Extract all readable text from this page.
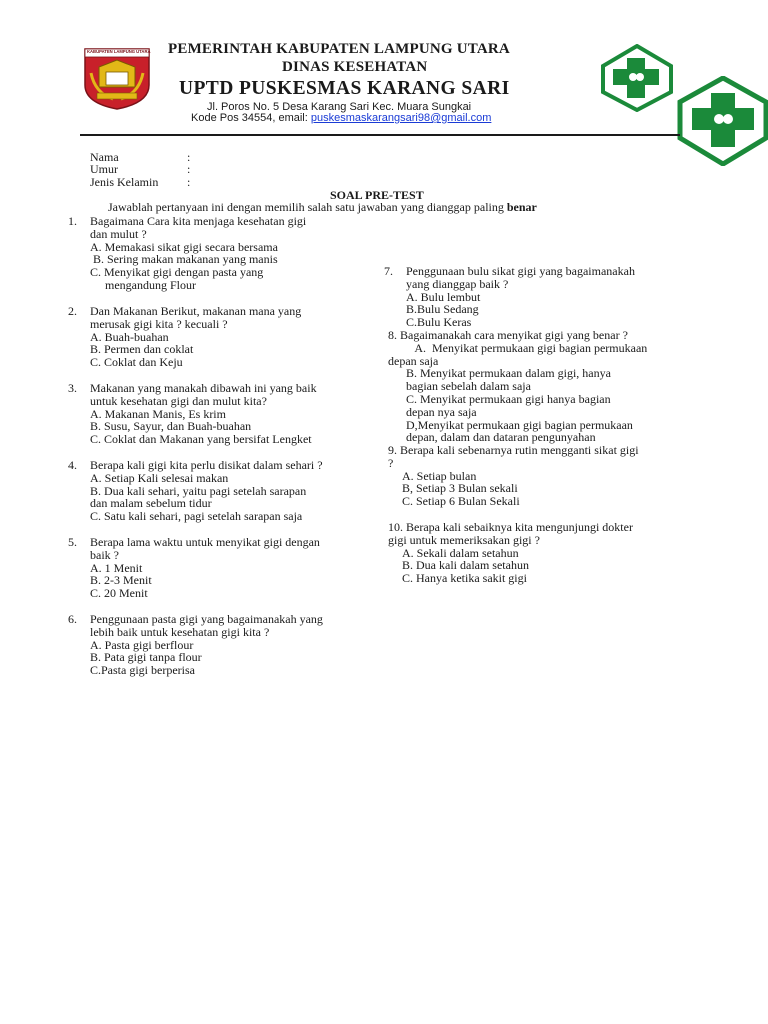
KABUPATEN LAMPUNG UTARA PEMERINTAH KABUPATEN LAMPUNG UTARA
DINAS KESEHATAN
UPTD PUSKESMAS KARANG SARI
Jl. Poros No. 5 Desa Karang Sari Kec. Muara Sungkai
Kode Pos 34554, email: puskesmaskarangsari98@gmail.com
Nama	:
Umur	:
Jenis Kelamin :
SOAL PRE-TEST
Jawablah pertanyaan ini dengan memilih salah satu jawaban yang dianggap paling benar
1. Bagaimana Cara kita menjaga kesehatan gigi
dan mulut ?
A. Memakasi sikat gigi secara bersama
B. Sering makan makanan yang manis
C. Menyikat gigi dengan pasta yang
mengandung Flour
2. Dan Makanan Berikut, makanan mana yang
merusak gigi kita ? kecuali ?
A. Buah-buahan
B. Permen dan coklat
C. Coklat dan Keju
3. Makanan yang manakah dibawah ini yang baik
untuk kesehatan gigi dan mulut kita?
A. Makanan Manis, Es krim
B. Susu, Sayur, dan Buah-buahan
C. Coklat dan Makanan yang bersifat Lengket
4. Berapa kali gigi kita perlu disikat dalam sehari ?
A. Setiap Kali selesai makan
B. Dua kali sehari, yaitu pagi setelah sarapan
dan malam sebelum tidur
C. Satu kali sehari, pagi setelah sarapan saja
5. Berapa lama waktu untuk menyikat gigi dengan
baik ?
A. 1 Menit
B. 2-3 Menit
C. 20 Menit
6. Penggunaan pasta gigi yang bagaimanakah yang
lebih baik untuk kesehatan gigi kita ?
A. Pasta gigi berflour
B. Pata gigi tanpa flour
C.Pasta gigi berperisa
7. Penggunaan bulu sikat gigi yang bagaimanakah
yang dianggap baik ?
A. Bulu lembut
B.Bulu Sedang
C.Bulu Keras
8. Bagaimanakah cara menyikat gigi yang benar ?
A.  Menyikat permukaan gigi bagian permukaan
depan saja
B. Menyikat permukaan dalam gigi, hanya
bagian sebelah dalam saja
C. Menyikat permukaan gigi hanya bagian
depan nya saja
D,Menyikat permukaan gigi bagian permukaan
depan, dalam dan dataran pengunyahan
9. Berapa kali sebenarnya rutin mengganti sikat gigi
?
A. Setiap bulan
B, Setiap 3 Bulan sekali
C. Setiap 6 Bulan Sekali
10. Berapa kali sebaiknya kita mengunjungi dokter
gigi untuk memeriksakan gigi ?
A. Sekali dalam setahun
B. Dua kali dalam setahun
C. Hanya ketika sakit gigi
